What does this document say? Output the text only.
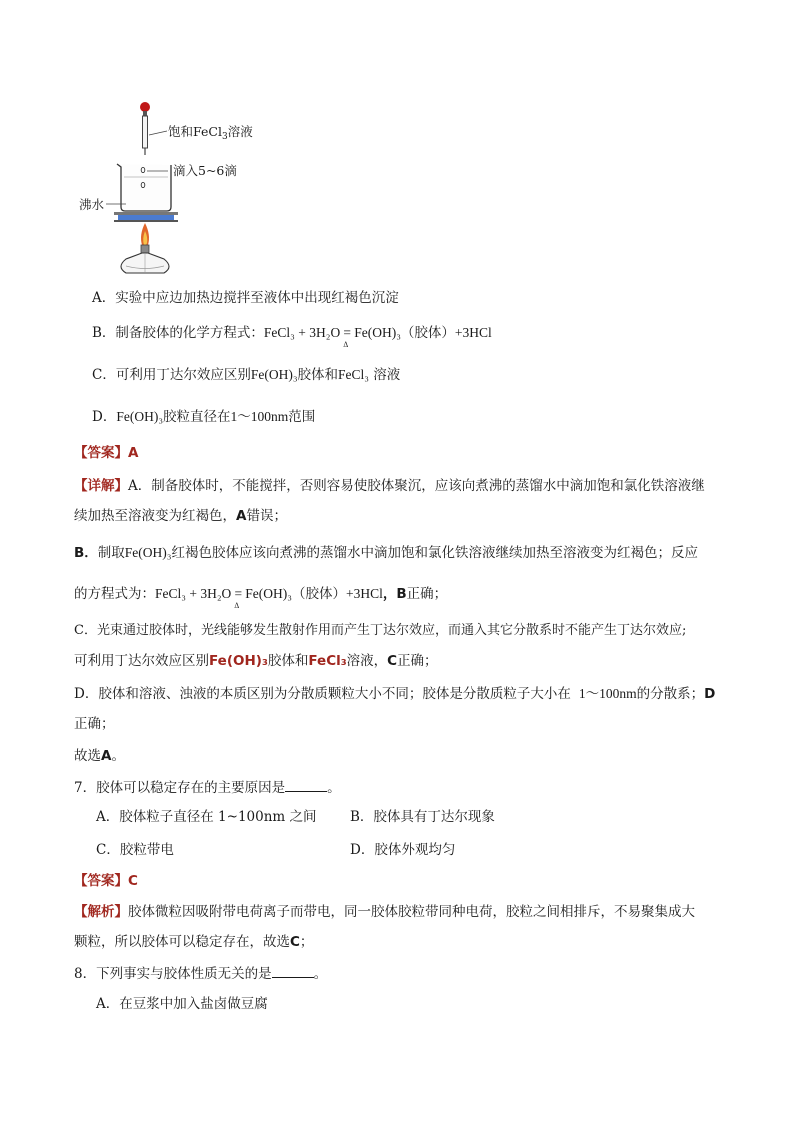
饱和FeCl$_3$溶液
滴入5~6滴
沸水
A．实验中应边加热边搅拌至液体中出现红褐色沉淀
B．制备胶体的化学方程式：FeCl₃ + 3H₂O =
Δ
Fe(OH)₃（胶体）+3HCl
C．可利用丁达尔效应区别Fe(OH)₃胶体和FeCl₃ 溶液
D．Fe(OH)₃胶粒直径在1～100nm范围
【答案】A
【详解】A．制备胶体时，不能搅拌，否则容易使胶体聚沉，应该向煮沸的蒸馏水中滴加饱和氯化铁溶液继
续加热至溶液变为红褐色，A错误；
B．制取Fe(OH)₃红褐色胶体应该向煮沸的蒸馏水中滴加饱和氯化铁溶液继续加热至溶液变为红褐色；反应
的方程式为：FeCl₃ + 3H₂O =
Δ
Fe(OH)₃（胶体）+3HCl，B正确；
C．光束通过胶体时，光线能够发生散射作用而产生丁达尔效应，而通入其它分散系时不能产生丁达尔效应;
可利用丁达尔效应区别Fe(OH)₃胶体和FeCl₃溶液，C正确；
D．胶体和溶液、浊液的本质区别为分散质颗粒大小不同；胶体是分散质粒子大小在 1～100nm的分散系；D
正确；
故选A。
7．胶体可以稳定存在的主要原因是	。
A．胶体粒子直径在 1~100nm 之间 B．胶体具有丁达尔现象
C．胶粒带电	D．胶体外观均匀
【答案】C
【解析】胶体微粒因吸附带电荷离子而带电，同一胶体胶粒带同种电荷，胶粒之间相排斥，不易聚集成大
颗粒，所以胶体可以稳定存在，故选C；
8．下列事实与胶体性质无关的是	。
A．在豆浆中加入盐卤做豆腐
